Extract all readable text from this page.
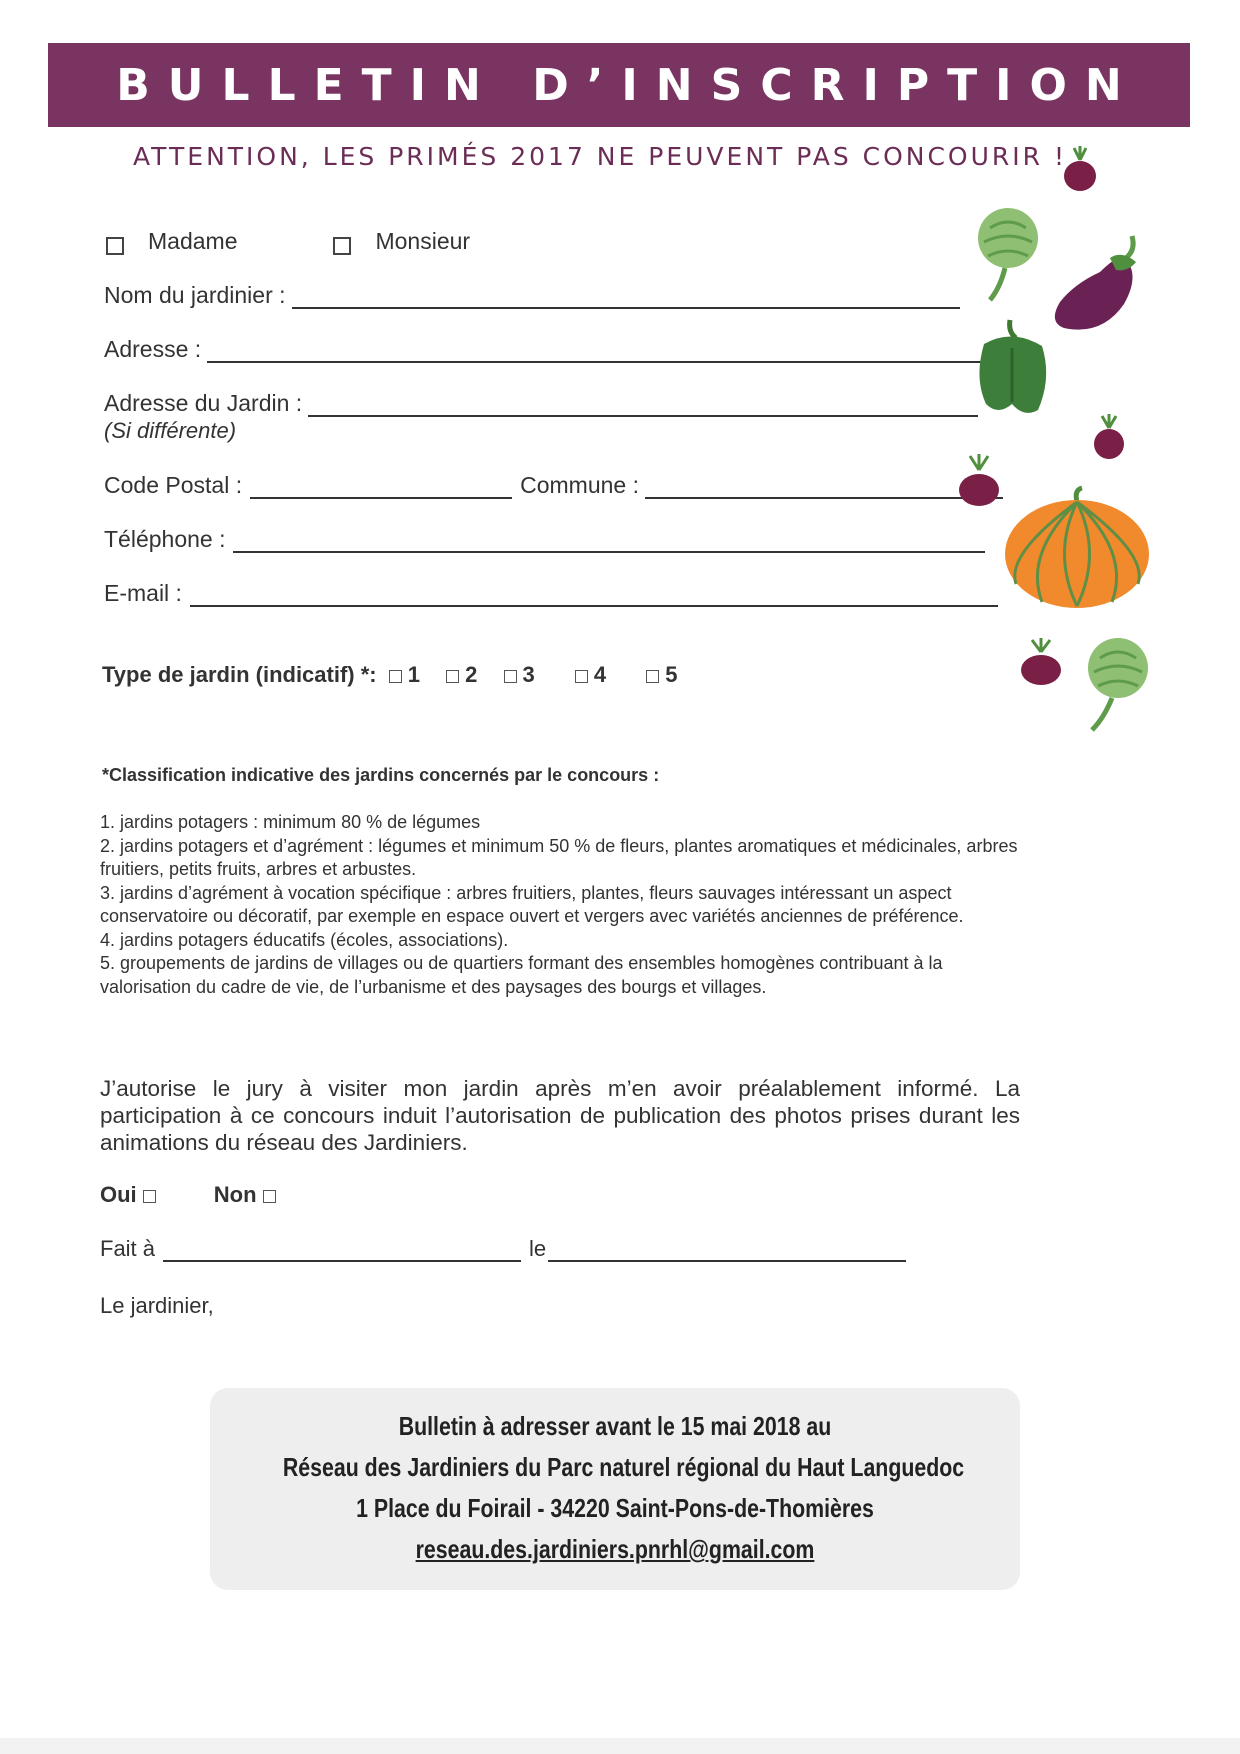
BULLETIN D’INSCRIPTION
ATTENTION, LES PRIMÉS 2017 NE PEUVENT PAS CONCOURIR !
Madame	Monsieur
Nom du jardinier :
Adresse :
Adresse du Jardin :
(Si différente)
Code Postal :	Commune :
Téléphone :
E-mail :
Type de jardin (indicatif) *: 1 2 3	4	5
*Classification indicative des jardins concernés par le concours :

1. jardins potagers : minimum 80 % de légumes

2. jardins potagers et d’agrément : légumes et minimum 50 % de fleurs, plantes aromatiques et médicinales, arbres fruitiers, petits fruits, arbres et arbustes.

3. jardins d’agrément à vocation spécifique : arbres fruitiers, plantes, fleurs sauvages intéressant un aspect conservatoire ou décoratif, par exemple en espace ouvert et vergers avec variétés anciennes de préférence.

4. jardins potagers éducatifs (écoles, associations).

5. groupements de jardins de villages ou de quartiers formant des ensembles homogènes contribuant à la valorisation du cadre de vie, de l’urbanisme et des paysages des bourgs et villages.

J’autorise le jury à visiter mon jardin après m’en avoir préalablement informé. La participation à ce concours induit l’autorisation de publication des photos prises durant les animations du réseau des Jardiniers.
Oui	Non
Fait à	le
Le jardinier,
Bulletin à adresser avant le 15 mai 2018 au
Réseau des Jardiniers du Parc naturel régional du Haut Languedoc
1 Place du Foirail - 34220 Saint-Pons-de-Thomières
reseau.des.jardiniers.pnrhl@gmail.com
